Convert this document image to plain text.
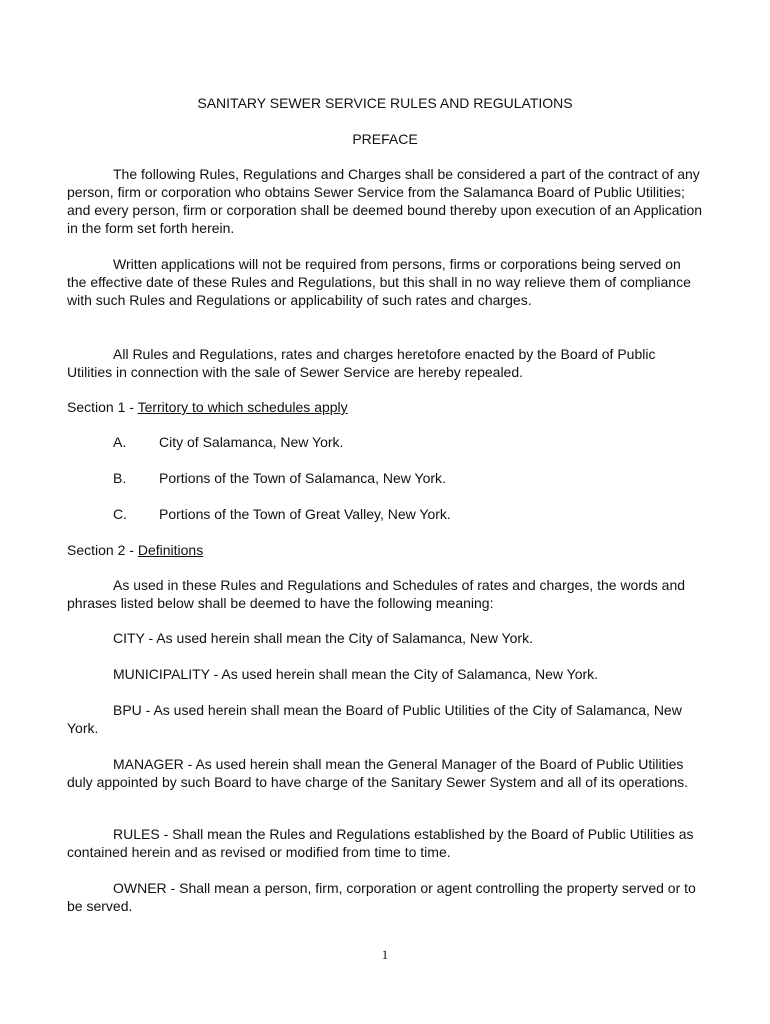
SANITARY SEWER SERVICE RULES AND REGULATIONS
PREFACE

The following Rules, Regulations and Charges shall be considered a part of the contract of any person, firm or corporation who obtains Sewer Service from the Salamanca Board of Public Utilities; and every person, firm or corporation shall be deemed bound thereby upon execution of an Application in the form set forth herein.

Written applications will not be required from persons, firms or corporations being served on the effective date of these Rules and Regulations, but this shall in no way relieve them of compliance with such Rules and Regulations or applicability of such rates and charges.

All Rules and Regulations, rates and charges heretofore enacted by the Board of Public Utilities in connection with the sale of Sewer Service are hereby repealed.

Section 1 - Territory to which schedules apply

A. City of Salamanca, New York.
B. Portions of the Town of Salamanca, New York.
C. Portions of the Town of Great Valley, New York.

Section 2 - Definitions

As used in these Rules and Regulations and Schedules of rates and charges, the words and phrases listed below shall be deemed to have the following meaning:

CITY - As used herein shall mean the City of Salamanca, New York.

MUNICIPALITY - As used herein shall mean the City of Salamanca, New York.

BPU - As used herein shall mean the Board of Public Utilities of the City of Salamanca, New York.

MANAGER - As used herein shall mean the General Manager of the Board of Public Utilities duly appointed by such Board to have charge of the Sanitary Sewer System and all of its operations.

RULES - Shall mean the Rules and Regulations established by the Board of Public Utilities as contained herein and as revised or modified from time to time.

OWNER - Shall mean a person, firm, corporation or agent controlling the property served or to be served.

1
